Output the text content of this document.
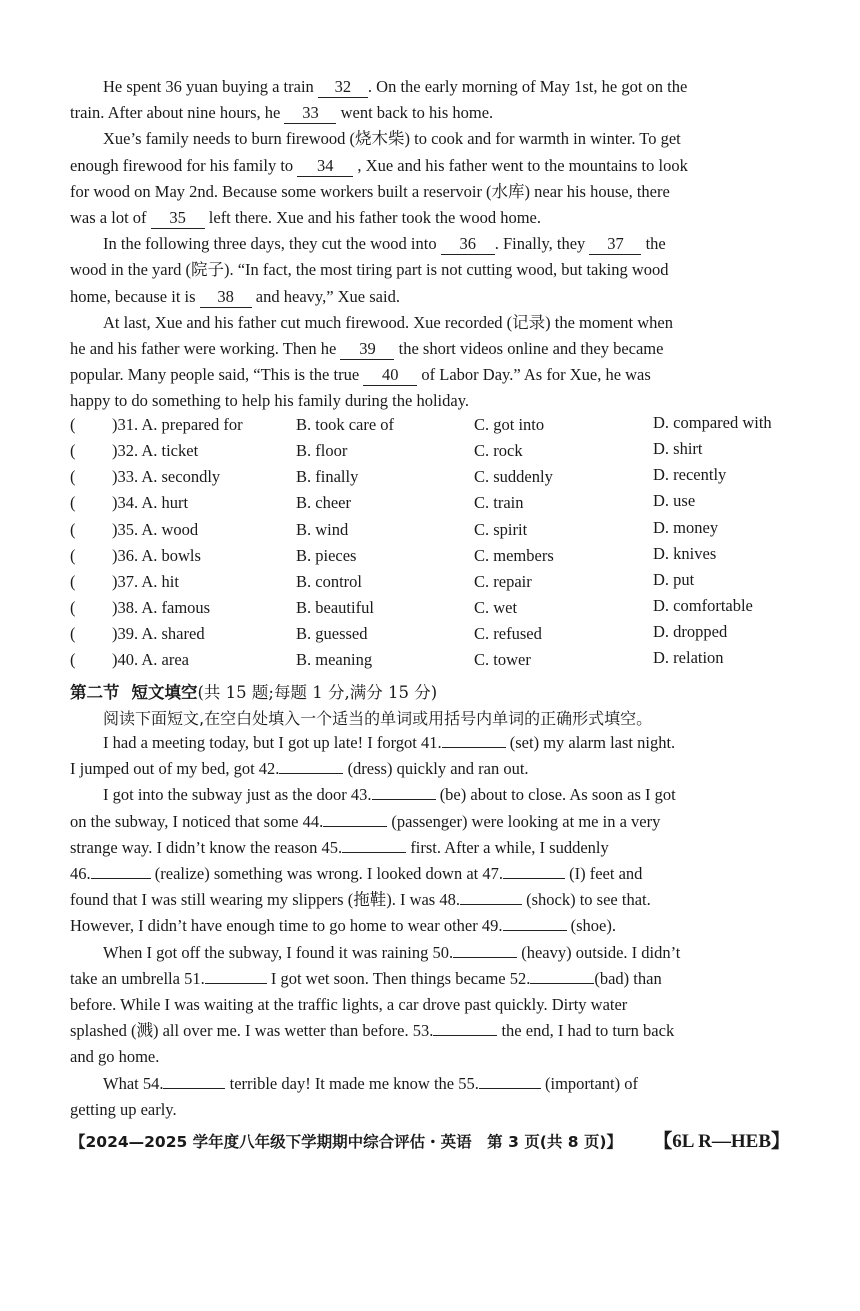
He spent 36 yuan buying a train 32 . On the early morning of May 1st, he got on the
train. After about nine hours, he 33 went back to his home.
Xue’s family needs to burn firewood (烧木柴) to cook and for warmth in winter. To get
enough firewood for his family to 34 , Xue and his father went to the mountains to look
for wood on May 2nd. Because some workers built a reservoir (水库) near his house, there
was a lot of 35 left there. Xue and his father took the wood home.
In the following three days, they cut the wood into 36 . Finally, they 37 the
wood in the yard (院子). “In fact, the most tiring part is not cutting wood, but taking wood
home, because it is 38 and heavy,” Xue said.
At last, Xue and his father cut much firewood. Xue recorded (记录) the moment when
he and his father were working. Then he 39 the short videos online and they became
popular. Many people said, “This is the true 40 of Labor Day.” As for Xue, he was
happy to do something to help his family during the holiday.
( )31. A. prepared for	B. took care of	C. got into	D. compared with
( )32. A. ticket	B. floor	C. rock	D. shirt
( )33. A. secondly	B. finally	C. suddenly	D. recently
( )34. A. hurt	B. cheer	C. train	D. use
( )35. A. wood	B. wind	C. spirit	D. money
( )36. A. bowls	B. pieces	C. members	D. knives
( )37. A. hit	B. control	C. repair	D. put
( )38. A. famous	B. beautiful	C. wet	D. comfortable
( )39. A. shared	B. guessed	C. refused	D. dropped
( )40. A. area	B. meaning	C. tower	D. relation
第二节 短文填空(共 15 题;每题 1 分,满分 15 分)
阅读下面短文,在空白处填入一个适当的单词或用括号内单词的正确形式填空。
I had a meeting today, but I got up late! I forgot 41.	(set) my alarm last night.
I jumped out of my bed, got 42.	(dress) quickly and ran out.
I got into the subway just as the door 43.	(be) about to close. As soon as I got
on the subway, I noticed that some 44.	(passenger) were looking at me in a very
strange way. I didn’t know the reason 45.	first. After a while, I suddenly
46.	(realize) something was wrong. I looked down at 47.	(I) feet and
found that I was still wearing my slippers (拖鞋). I was 48.	(shock) to see that.
However, I didn’t have enough time to go home to wear other 49.	(shoe).
When I got off the subway, I found it was raining 50.	(heavy) outside. I didn’t
take an umbrella 51.	I got wet soon. Then things became 52.	(bad) than
before. While I was waiting at the traffic lights, a car drove past quickly. Dirty water
splashed (溅) all over me. I was wetter than before. 53.	the end, I had to turn back
and go home.
What 54.	terrible day! It made me know the 55.	(important) of
getting up early.
【2024—2025 学年度八年级下学期期中综合评估・英语　第 3 页(共 8 页)】 【6L R—HEB】
